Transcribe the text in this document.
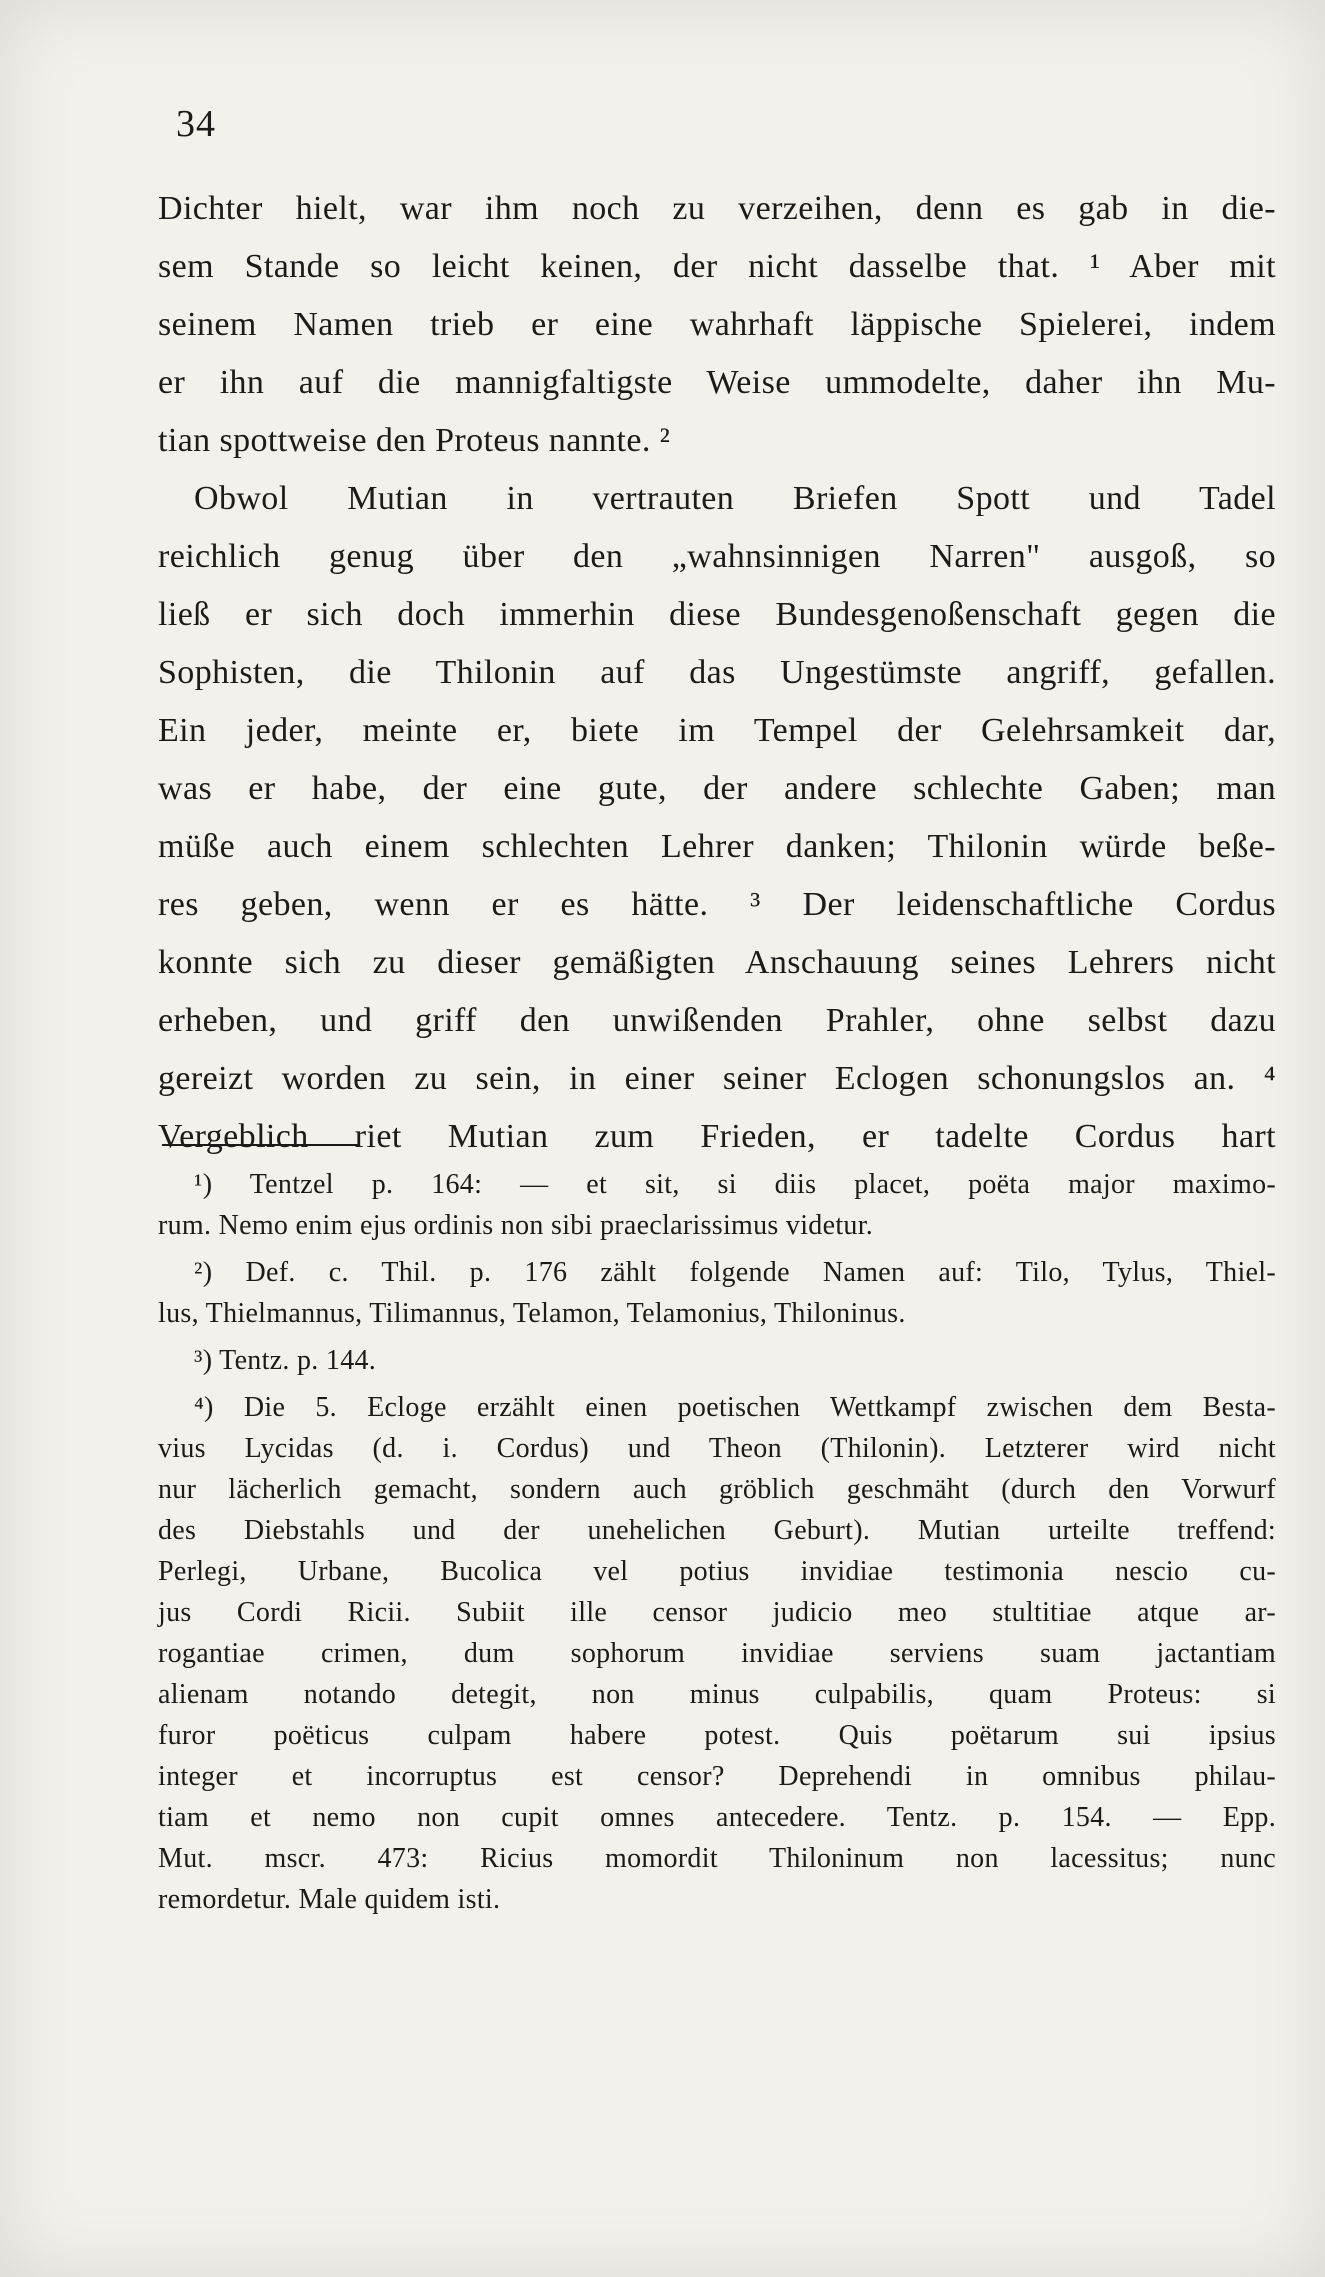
34
Dichter hielt, war ihm noch zu verzeihen, denn es gab in die-
sem Stande so leicht keinen, der nicht dasselbe that. ¹ Aber mit
seinem Namen trieb er eine wahrhaft läppische Spielerei, indem
er ihn auf die mannigfaltigste Weise ummodelte, daher ihn Mu-
tian spottweise den Proteus nannte. ²
Obwol Mutian in vertrauten Briefen Spott und Tadel
reichlich genug über den „wahnsinnigen Narren" ausgoß, so
ließ er sich doch immerhin diese Bundesgenoßenschaft gegen die
Sophisten, die Thilonin auf das Ungestümste angriff, gefallen.
Ein jeder, meinte er, biete im Tempel der Gelehrsamkeit dar,
was er habe, der eine gute, der andere schlechte Gaben; man
müße auch einem schlechten Lehrer danken; Thilonin würde beße-
res geben, wenn er es hätte. ³ Der leidenschaftliche Cordus
konnte sich zu dieser gemäßigten Anschauung seines Lehrers nicht
erheben, und griff den unwißenden Prahler, ohne selbst dazu
gereizt worden zu sein, in einer seiner Eclogen schonungslos an. ⁴
Vergeblich riet Mutian zum Frieden, er tadelte Cordus hart
¹) Tentzel p. 164: — et sit, si diis placet, poëta major maximo-
rum. Nemo enim ejus ordinis non sibi praeclarissimus videtur.
²) Def. c. Thil. p. 176 zählt folgende Namen auf: Tilo, Tylus, Thiel-
lus, Thielmannus, Tilimannus, Telamon, Telamonius, Thiloninus.
³) Tentz. p. 144.
⁴) Die 5. Ecloge erzählt einen poetischen Wettkampf zwischen dem Besta-
vius Lycidas (d. i. Cordus) und Theon (Thilonin). Letzterer wird nicht
nur lächerlich gemacht, sondern auch gröblich geschmäht (durch den Vorwurf
des Diebstahls und der unehelichen Geburt). Mutian urteilte treffend:
Perlegi, Urbane, Bucolica vel potius invidiae testimonia nescio cu-
jus Cordi Ricii. Subiit ille censor judicio meo stultitiae atque ar-
rogantiae crimen, dum sophorum invidiae serviens suam jactantiam
alienam notando detegit, non minus culpabilis, quam Proteus: si
furor poëticus culpam habere potest. Quis poëtarum sui ipsius
integer et incorruptus est censor? Deprehendi in omnibus philau-
tiam et nemo non cupit omnes antecedere. Tentz. p. 154. — Epp.
Mut. mscr. 473: Ricius momordit Thiloninum non lacessitus; nunc
remordetur. Male quidem isti.
